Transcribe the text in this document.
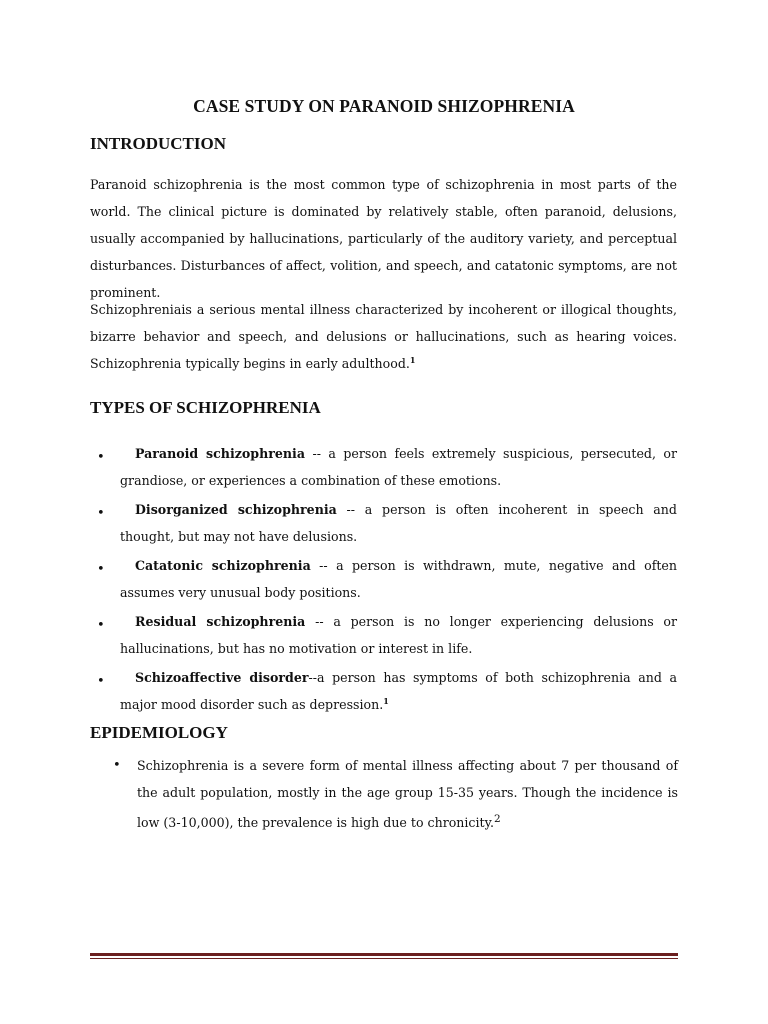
CASE STUDY ON PARANOID SHIZOPHRENIA
INTRODUCTION
Paranoid schizophrenia is the most common type of schizophrenia in most parts of the world. The clinical picture is dominated by relatively stable, often paranoid, delusions, usually accompanied by hallucinations, particularly of the auditory variety, and perceptual disturbances. Disturbances of affect, volition, and speech, and catatonic symptoms, are not prominent.
Schizophreniais a serious mental illness characterized by incoherent or illogical thoughts, bizarre behavior and speech, and delusions or hallucinations, such as hearing voices. Schizophrenia typically begins in early adulthood.$^1$
TYPES OF SCHIZOPHRENIA
•	Paranoid schizophrenia -- a person feels extremely suspicious, persecuted, or grandiose, or experiences a combination of these emotions.
•	Disorganized schizophrenia -- a person is often incoherent in speech and thought, but may not have delusions.
•	Catatonic schizophrenia -- a person is withdrawn, mute, negative and often assumes very unusual body positions.
•	Residual schizophrenia -- a person is no longer experiencing delusions or hallucinations, but has no motivation or interest in life.
•	Schizoaffective disorder--a person has symptoms of both schizophrenia and a major mood disorder such as depression.$^1$
EPIDEMIOLOGY
• Schizophrenia is a severe form of mental illness affecting about 7 per thousand of the adult population, mostly in the age group 15-35 years. Though the incidence is low (3-10,000), the prevalence is high due to chronicity.$^2$
